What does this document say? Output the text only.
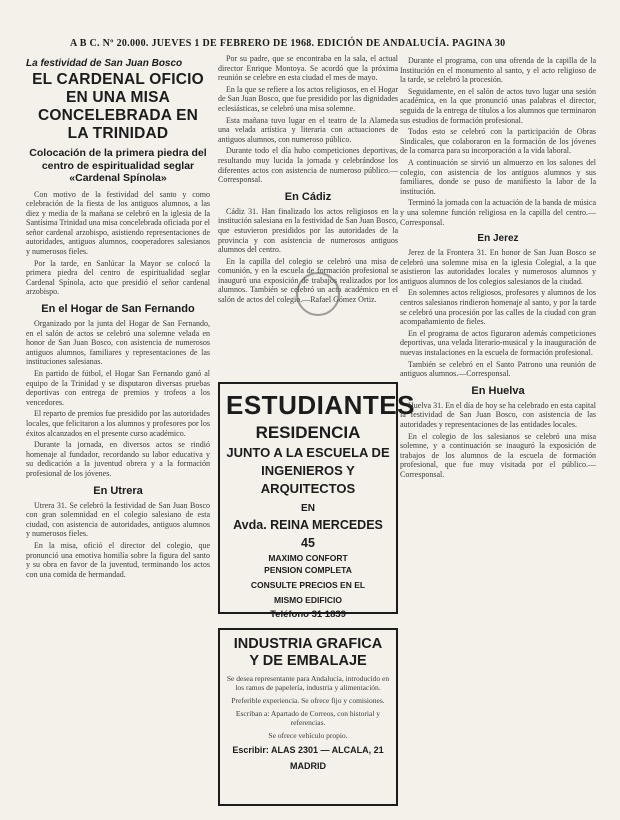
A B C. Nº 20.000. JUEVES 1 DE FEBRERO DE 1968. EDICIÓN DE ANDALUCÍA. PAGINA 30
La festividad de San Juan Bosco
EL CARDENAL OFICIO EN UNA MISA CONCELEBRADA EN LA TRINIDAD
Colocación de la primera piedra del centro de espiritualidad seglar «Cardenal Spínola»

Con motivo de la festividad del santo y como celebración de la fiesta de los antiguos alumnos, a las diez y media de la mañana se celebró en la iglesia de la Santísima Trinidad una misa concelebrada oficiada por el señor cardenal arzobispo, asistiendo representaciones de autoridades, antiguos alumnos, cooperadores salesianos y numerosos fieles.

Por la tarde, en Sanlúcar la Mayor se colocó la primera piedra del centro de espiritualidad seglar Cardenal Spínola, acto que presidió el señor cardenal arzobispo.

En el Hogar de San Fernando

Organizado por la junta del Hogar de San Fernando, en el salón de actos se celebró una solemne velada en honor de San Juan Bosco, con asistencia de numerosos antiguos alumnos, familiares y representaciones de las instituciones salesianas.

En partido de fútbol, el Hogar San Fernando ganó al equipo de la Trinidad y se disputaron diversas pruebas deportivas con entrega de premios y trofeos a los vencedores.

El reparto de premios fue presidido por las autoridades locales, que felicitaron a los alumnos y profesores por los éxitos alcanzados en el presente curso académico.

Durante la jornada, en diversos actos se rindió homenaje al fundador, recordando su labor educativa y su dedicación a la juventud obrera y a la formación profesional de los jóvenes.

En Utrera

Utrera 31. Se celebró la festividad de San Juan Bosco con gran solemnidad en el colegio salesiano de esta ciudad, con asistencia de autoridades, antiguos alumnos y numerosos fieles.

En la misa, ofició el director del colegio, que pronunció una emotiva homilía sobre la figura del santo y su obra en favor de la juventud, terminando los actos con una comida de hermandad.

Por su padre, que se encontraba en la sala, el actual director Enrique Montoya. Se acordó que la próxima reunión se celebre en esta ciudad el mes de mayo.

En la que se refiere a los actos religiosos, en el Hogar de San Juan Bosco, que fue presidido por las dignidades eclesiásticas, se celebró una misa solemne.

Esta mañana tuvo lugar en el teatro de la Alameda una velada artística y literaria con actuaciones de antiguos alumnos, con numeroso público.

Durante todo el día hubo competiciones deportivas, resultando muy lucida la jornada y celebrándose los diferentes actos con asistencia de numeroso público.—Corresponsal.

En Cádiz

Cádiz 31. Han finalizado los actos religiosos en la institución salesiana en la festividad de San Juan Bosco, que estuvieron presididos por las autoridades de la provincia y con asistencia de numerosos antiguos alumnos del centro.

En la capilla del colegio se celebró una misa de comunión, y en la escuela de formación profesional se inauguró una exposición de trabajos realizados por los alumnos. También se celebró un acto académico en el salón de actos del colegio.—Rafael Gómez Ortiz.

ESTUDIANTES
RESIDENCIA
JUNTO A LA ESCUELA DE
INGENIEROS Y ARQUITECTOS
EN
Avda. REINA MERCEDES 45
MAXIMO CONFORT
PENSION COMPLETA
CONSULTE PRECIOS EN EL
MISMO EDIFICIO
Teléfono 31 1839
INDUSTRIA GRAFICA
Y DE EMBALAJE
Se desea representante para Andalucía, introducido en los ramos de papelería, industria y alimentación.
Preferible experiencia. Se ofrece fijo y comisiones.
Escriban a: Apartado de Correos, con historial y referencias.
Se ofrece vehículo propio.
Escribir: ALAS 2301 — ALCALA, 21
MADRID

Durante el programa, con una ofrenda de la capilla de la Institución en el monumento al santo, y el acto religioso de la tarde, se celebró la procesión.

Seguidamente, en el salón de actos tuvo lugar una sesión académica, en la que pronunció unas palabras el director, seguida de la entrega de títulos a los alumnos que terminaron sus estudios de formación profesional.

Todos esto se celebró con la participación de Obras Sindicales, que colaboraron en la formación de los jóvenes de la comarca para su incorporación a la vida laboral.

A continuación se sirvió un almuerzo en los salones del colegio, con asistencia de los antiguos alumnos y sus familiares, donde se puso de manifiesto la labor de la institución.

Terminó la jornada con la actuación de la banda de música y una solemne función religiosa en la capilla del centro.—Corresponsal.

En Jerez

Jerez de la Frontera 31. En honor de San Juan Bosco se celebró una solemne misa en la iglesia Colegial, a la que asistieron las autoridades locales y numerosos alumnos y antiguos alumnos de los colegios salesianos de la ciudad.

En solemnes actos religiosos, profesores y alumnos de los centros salesianos rindieron homenaje al santo, y por la tarde se celebró una procesión por las calles de la ciudad con gran acompañamiento de fieles.

En el programa de actos figuraron además competiciones deportivas, una velada literario-musical y la inauguración de nuevas instalaciones en la escuela de formación profesional.

También se celebró en el Santo Patrono una reunión de antiguos alumnos.—Corresponsal.

En Huelva

Huelva 31. En el día de hoy se ha celebrado en esta capital la festividad de San Juan Bosco, con asistencia de las autoridades y representaciones de las entidades locales.

En el colegio de los salesianos se celebró una misa solemne, y a continuación se inauguró la exposición de trabajos de los alumnos de la escuela de formación profesional, que fue muy visitada por el público.—Corresponsal.
